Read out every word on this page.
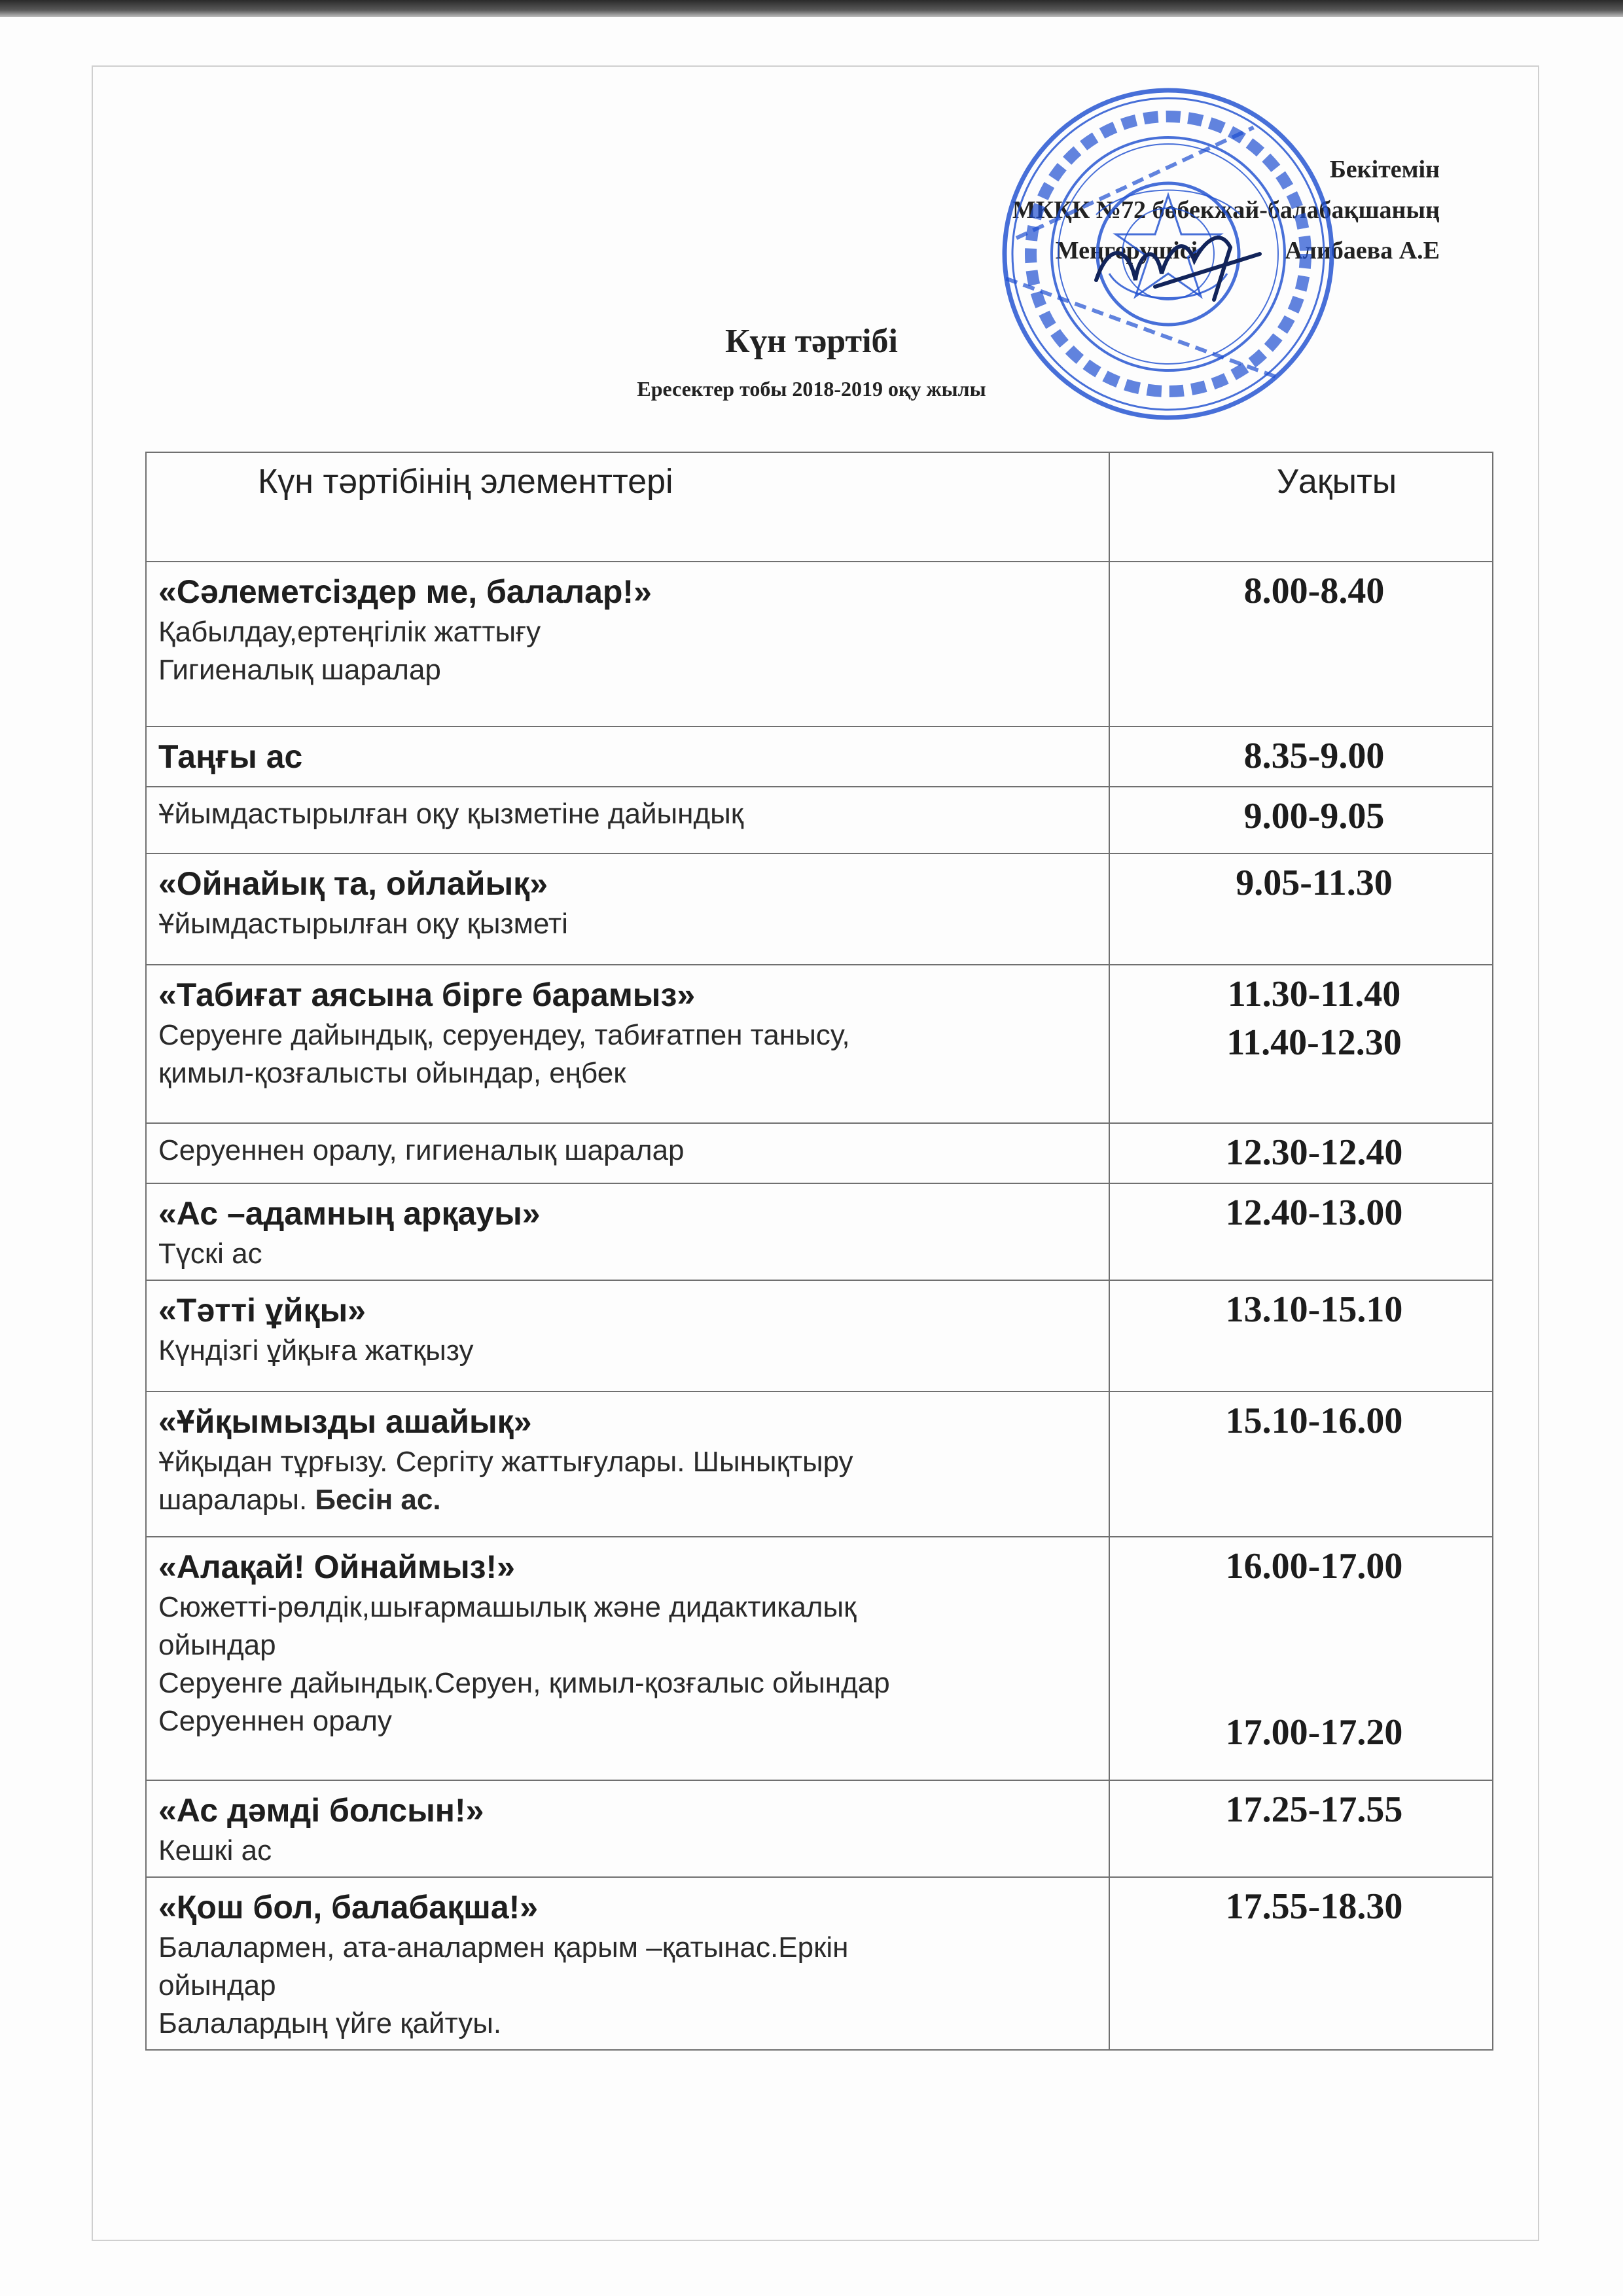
Бекітемін
МКҚК №72 бөбекжай-балабақшаның
Меңгерушісі              Алибаева А.Е
Күн тәртібі
Ересектер тобы 2018-2019 оқу жылы
Күн тәртібінің элементтері	Уақыты

«Сәлеметсіздер ме, балалар!»
Қабылдау,ертеңгілік жаттығу
Гигиеналық шаралар	8.00-8.40

Таңғы ас	8.35-9.00

Ұйымдастырылған оқу қызметіне дайындық	9.00-9.05

«Ойнайық та, ойлайық»
Ұйымдастырылған оқу қызметі	9.05-11.30

«Табиғат аясына бірге барамыз»
Серуенге дайындық, серуендеу, табиғатпен танысу,
қимыл-қозғалысты ойындар, еңбек	11.30-11.40
11.40-12.30

Серуеннен оралу, гигиеналық шаралар	12.30-12.40

«Ас –адамның арқауы»
Түскі ас	12.40-13.00

«Тәтті ұйқы»
Күндізгі ұйқыға жатқызу	13.10-15.10

«Ұйқымызды ашайық»
Ұйқыдан тұрғызу. Сергіту жаттығулары. Шынықтыру
шаралары. Бесін ас.	15.10-16.00

«Алақай! Ойнаймыз!»
Сюжетті-рөлдік,шығармашылық және дидактикалық
ойындар
Серуенге дайындық.Серуен, қимыл-қозғалыс ойындар
Серуеннен оралу	16.00-17.00
17.00-17.20

«Ас дәмді болсын!»
Кешкі ас	17.25-17.55

«Қош бол, балабақша!»
Балалармен, ата-аналармен қарым –қатынас.Еркін
ойындар
Балалардың үйге қайтуы.	17.55-18.30
